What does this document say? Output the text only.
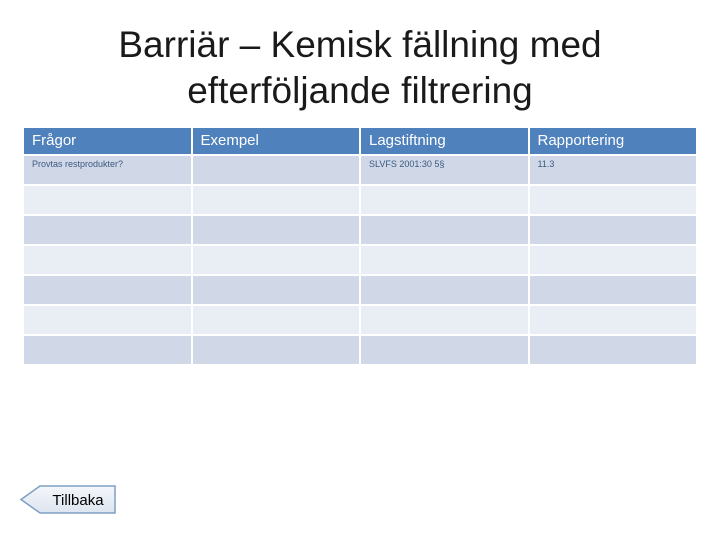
Barriär – Kemisk fällning med
efterföljande filtrering
Frågor	Exempel	Lagstiftning	Rapportering
Provtas restprodukter?		SLVFS 2001:30 5§	11.3

Tillbaka
